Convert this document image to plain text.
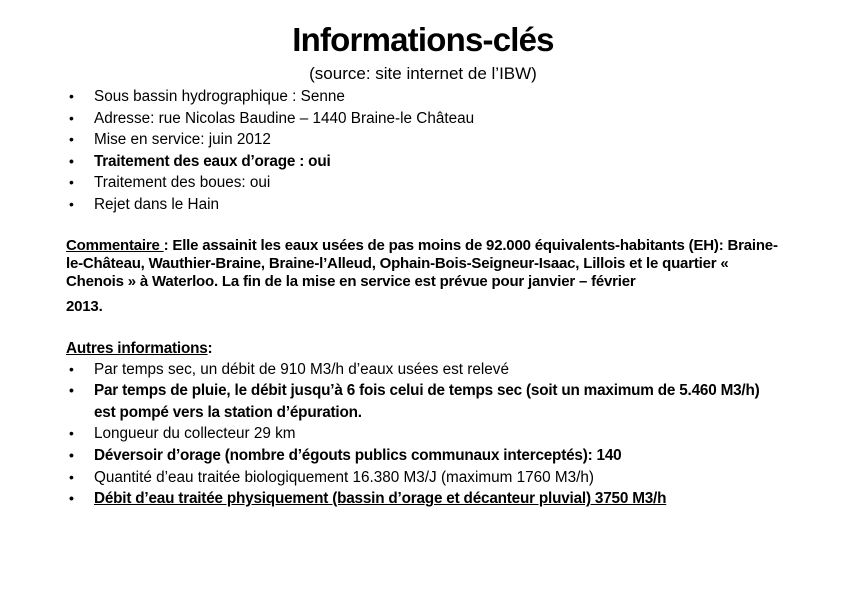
Informations-clés
(source: site internet de l’IBW)
• Sous bassin hydrographique : Senne
• Adresse: rue Nicolas Baudine – 1440 Braine-le Château
• Mise en service: juin 2012
• Traitement des eaux d’orage : oui
• Traitement des boues: oui
• Rejet dans le Hain
Commentaire : Elle assainit les eaux usées de pas moins de 92.000 équivalents-habitants (EH): Braine-le-Château, Wauthier-Braine, Braine-l’Alleud, Ophain-Bois-Seigneur-Isaac, Lillois et le quartier « Chenois » à Waterloo. La fin de la mise en service est prévue pour janvier – février
2013.
Autres informations:
• Par temps sec, un débit de 910 M3/h d’eaux usées est relevé
• Par temps de pluie, le débit jusqu’à 6 fois celui de temps sec (soit un maximum de 5.460 M3/h) est pompé vers la station d’épuration.
• Longueur du collecteur 29 km
• Déversoir d’orage (nombre d’égouts publics communaux interceptés): 140
• Quantité d’eau traitée biologiquement 16.380 M3/J (maximum 1760 M3/h)
• Débit d’eau traitée physiquement (bassin d’orage et décanteur pluvial) 3750 M3/h
